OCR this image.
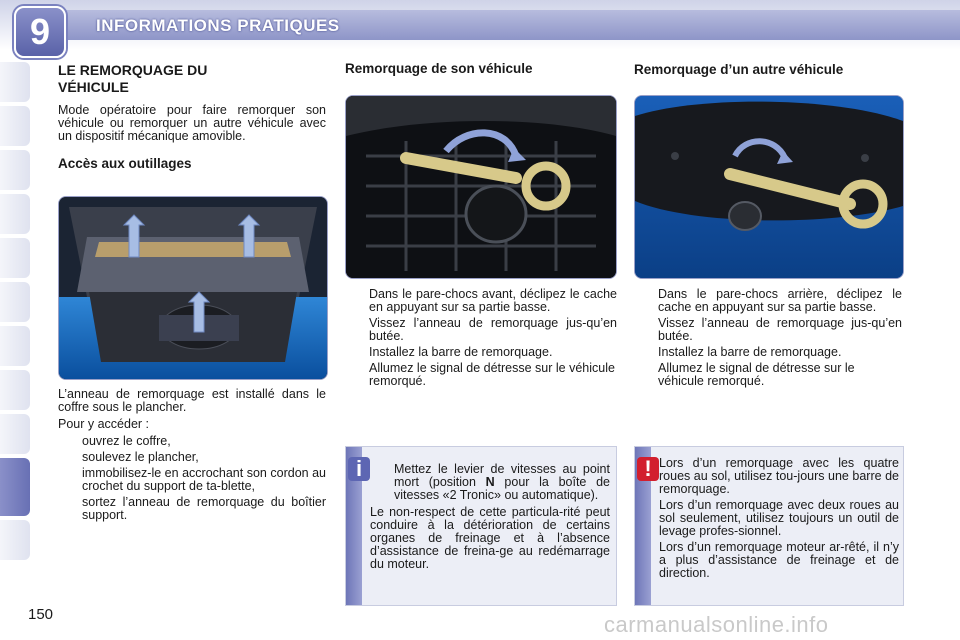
9	INFORMATIONS PRATIQUES
LE REMORQUAGE DU VÉHICULE

Mode opératoire pour faire remorquer son véhicule ou remorquer un autre véhicule avec un dispositif mécanique amovible.

Accès aux outillages

L’anneau de remorquage est installé dans le coffre sous le plancher.

Pour y accéder :

ouvrez le coffre,
soulevez le plancher,
immobilisez-le en accrochant son cordon au crochet du support de ta-blette,
sortez l’anneau de remorquage du boîtier support.
Remorquage de son véhicule
Dans le pare-chocs avant, déclipez le cache en appuyant sur sa partie basse.
Vissez l’anneau de remorquage jus-qu’en butée.
Installez la barre de remorquage.
Allumez le signal de détresse sur le véhicule remorqué.
i	Mettez le levier de vitesses au point mort (position N pour la boîte de vitesses «2 Tronic» ou automatique).

Le non-respect de cette particula-rité peut conduire à la détérioration de certains organes de freinage et à l’absence d’assistance de freina-ge au redémarrage du moteur.

Remorquage d’un autre véhicule
Dans le pare-chocs arrière, déclipez le cache en appuyant sur sa partie basse.
Vissez l’anneau de remorquage jus-qu’en butée.
Installez la barre de remorquage.
Allumez le signal de détresse sur le véhicule remorqué.
! Lors d’un remorquage avec les quatre roues au sol, utilisez tou-jours une barre de remorquage.

Lors d’un remorquage avec deux roues au sol seulement, utilisez toujours un outil de levage profes-sionnel.

Lors d’un remorquage moteur ar-rêté, il n’y a plus d’assistance de freinage et de direction.

150	carmanualsonline.info
